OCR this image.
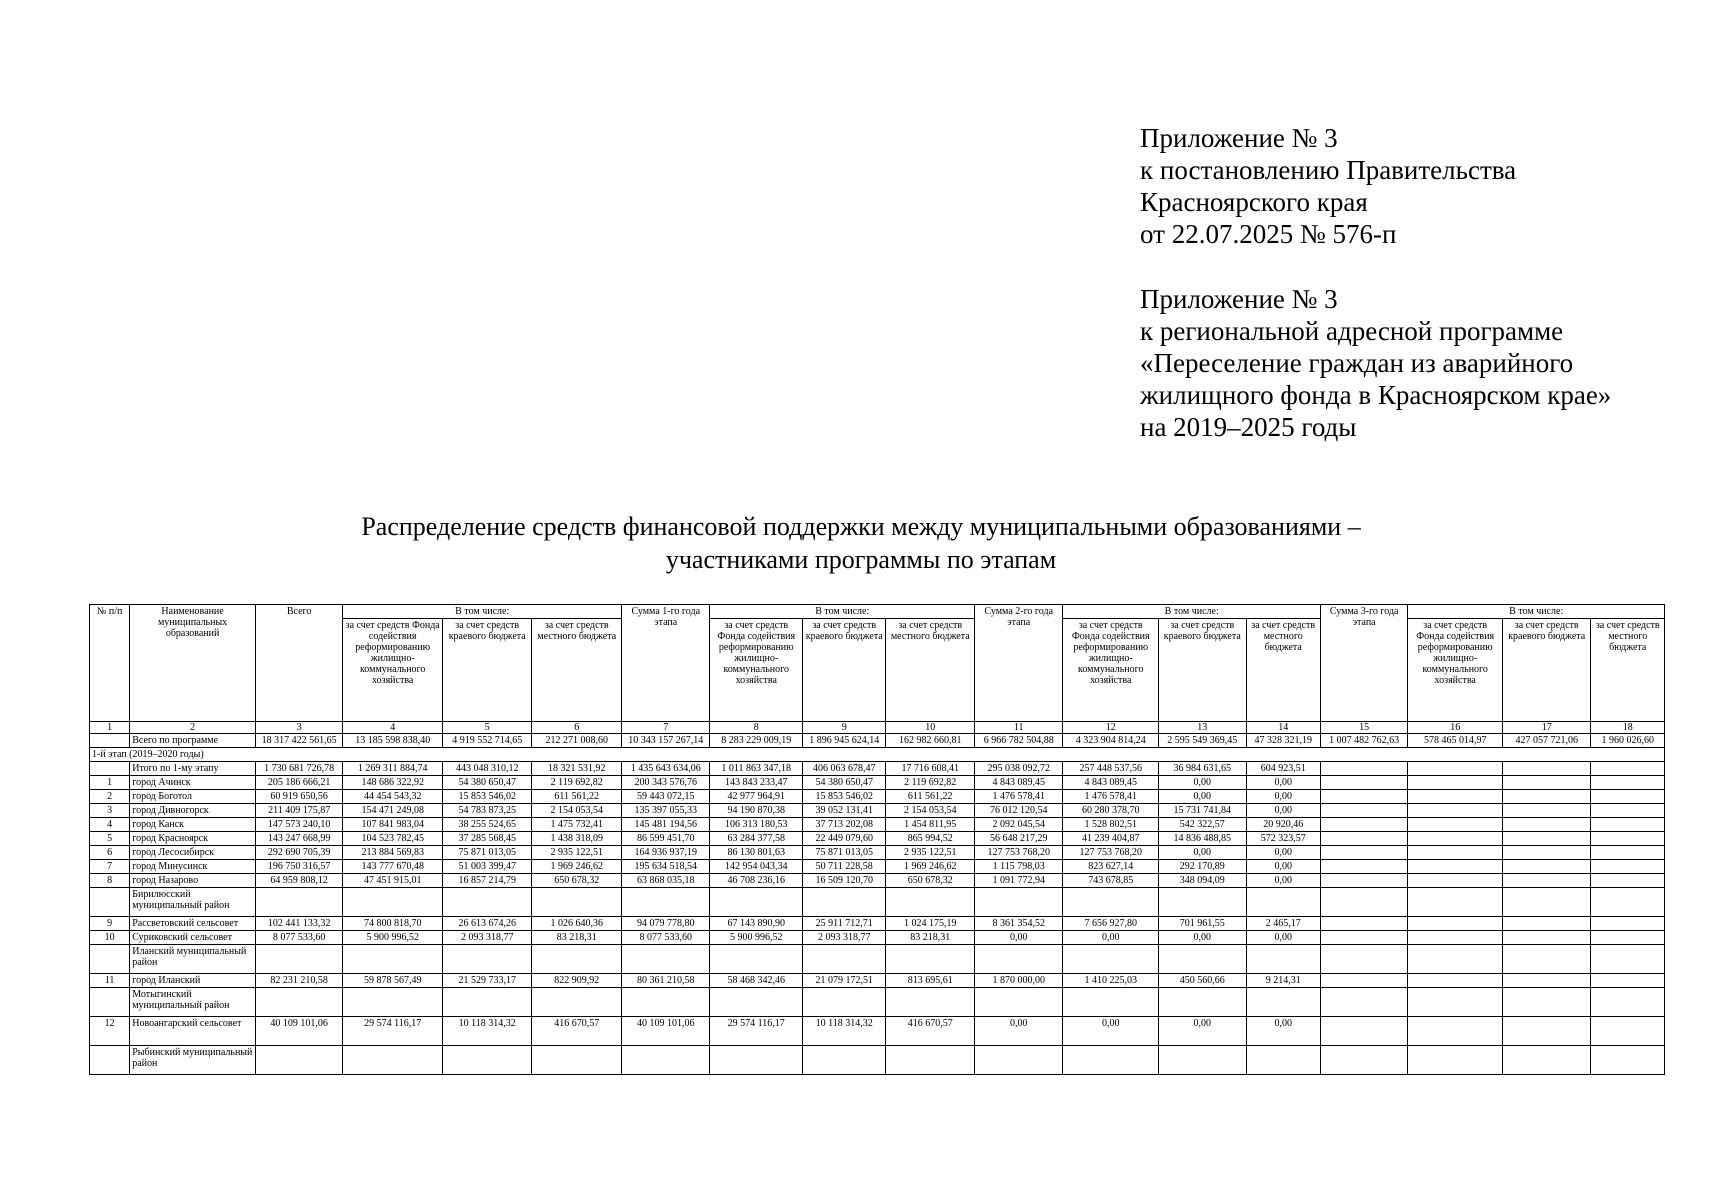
Приложение № 3
к постановлению Правительства
Красноярского края
от 22.07.2025 № 576-п
Приложение № 3
к региональной адресной программе
«Переселение граждан из аварийного
жилищного фонда в Красноярском крае»
на 2019–2025 годы
Распределение средств финансовой поддержки между муниципальными образованиями –
участниками программы по этапам
№ п/п	Наименование муниципальных образований	Всего	В том числе:			Сумма 1-го года этапа	В том числе:			Сумма 2-го года этапа	В том числе:			Сумма 3-го года этапа	В том числе:		
			за счет средств Фонда содействия реформированию жилищно-коммунального хозяйства	за счет средств краевого бюджета	за счет средств местного бюджета		за счет средств Фонда содействия реформированию жилищно-коммунального хозяйства	за счет средств краевого бюджета	за счет средств местного бюджета		за счет средств Фонда содействия реформированию жилищно-коммунального хозяйства	за счет средств краевого бюджета	за счет средств местного бюджета		за счет средств Фонда содействия реформированию жилищно-коммунального хозяйства	за счет средств краевого бюджета	за счет средств местного бюджета
1	2	3	4	5	6	7	8	9	10	11	12	13	14	15	16	17	18
	Всего по программе	18 317 422 561,65	13 185 598 838,40	4 919 552 714,65	212 271 008,60	10 343 157 267,14	8 283 229 009,19	1 896 945 624,14	162 982 660,81	6 966 782 504,88	4 323 904 814,24	2 595 549 369,45	47 328 321,19	1 007 482 762,63	578 465 014,97	427 057 721,06	1 960 026,60
1-й этап (2019–2020 годы)																	
	Итого по 1-му этапу	1 730 681 726,78	1 269 311 884,74	443 048 310,12	18 321 531,92	1 435 643 634,06	1 011 863 347,18	406 063 678,47	17 716 608,41	295 038 092,72	257 448 537,56	36 984 631,65	604 923,51				
1	город Ачинск	205 186 666,21	148 686 322,92	54 380 650,47	2 119 692,82	200 343 576,76	143 843 233,47	54 380 650,47	2 119 692,82	4 843 089,45	4 843 089,45	0,00	0,00				
2	город Боготол	60 919 650,56	44 454 543,32	15 853 546,02	611 561,22	59 443 072,15	42 977 964,91	15 853 546,02	611 561,22	1 476 578,41	1 476 578,41	0,00	0,00				
3	город Дивногорск	211 409 175,87	154 471 249,08	54 783 873,25	2 154 053,54	135 397 055,33	94 190 870,38	39 052 131,41	2 154 053,54	76 012 120,54	60 280 378,70	15 731 741,84	0,00				
4	город Канск	147 573 240,10	107 841 983,04	38 255 524,65	1 475 732,41	145 481 194,56	106 313 180,53	37 713 202,08	1 454 811,95	2 092 045,54	1 528 802,51	542 322,57	20 920,46				
5	город Красноярск	143 247 668,99	104 523 782,45	37 285 568,45	1 438 318,09	86 599 451,70	63 284 377,58	22 449 079,60	865 994,52	56 648 217,29	41 239 404,87	14 836 488,85	572 323,57				
6	город Лесосибирск	292 690 705,39	213 884 569,83	75 871 013,05	2 935 122,51	164 936 937,19	86 130 801,63	75 871 013,05	2 935 122,51	127 753 768,20	127 753 768,20	0,00	0,00				
7	город Минусинск	196 750 316,57	143 777 670,48	51 003 399,47	1 969 246,62	195 634 518,54	142 954 043,34	50 711 228,58	1 969 246,62	1 115 798,03	823 627,14	292 170,89	0,00				
8	город Назарово	64 959 808,12	47 451 915,01	16 857 214,79	650 678,32	63 868 035,18	46 708 236,16	16 509 120,70	650 678,32	1 091 772,94	743 678,85	348 094,09	0,00				
	Бирилюсский муниципальный район																
9	Рассветовский сельсовет	102 441 133,32	74 800 818,70	26 613 674,26	1 026 640,36	94 079 778,80	67 143 890,90	25 911 712,71	1 024 175,19	8 361 354,52	7 656 927,80	701 961,55	2 465,17				
10	Суриковский сельсовет	8 077 533,60	5 900 996,52	2 093 318,77	83 218,31	8 077 533,60	5 900 996,52	2 093 318,77	83 218,31	0,00	0,00	0,00	0,00				
	Иланский муниципальный район																
11	город Иланский	82 231 210,58	59 878 567,49	21 529 733,17	822 909,92	80 361 210,58	58 468 342,46	21 079 172,51	813 695,61	1 870 000,00	1 410 225,03	450 560,66	9 214,31				
	Мотыгинский муниципальный район																
12	Новоангарский сельсовет	40 109 101,06	29 574 116,17	10 118 314,32	416 670,57	40 109 101,06	29 574 116,17	10 118 314,32	416 670,57	0,00	0,00	0,00	0,00				
	Рыбинский муниципальный район																
